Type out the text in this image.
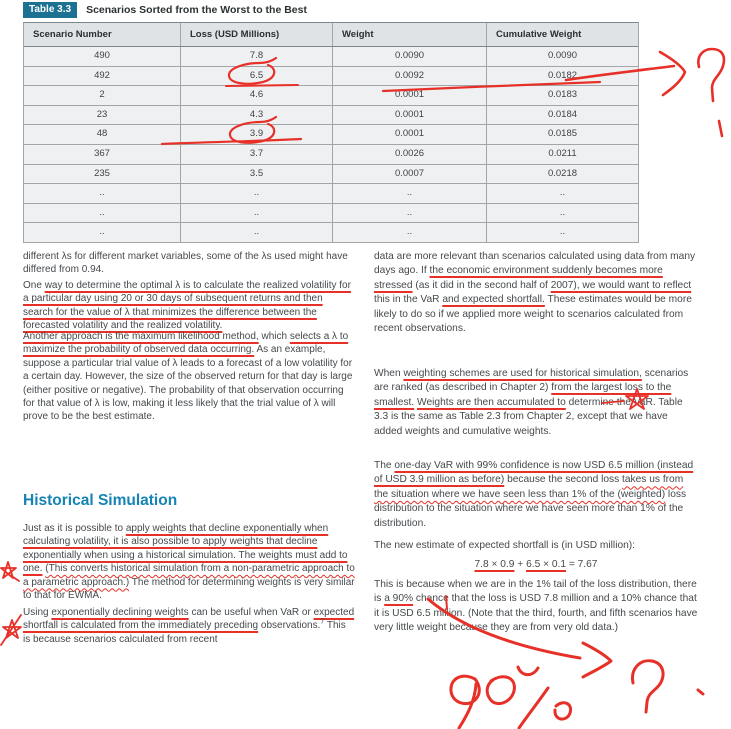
Table 3.3	Scenarios Sorted from the Worst to the Best
Scenario Number	Loss (USD Millions)	Weight	Cumulative Weight
490	7.8	0.0090	0.0090
492	6.5	0.0092	0.0182
2	4.6	0.0001	0.0183
23	4.3	0.0001	0.0184
48	3.9	0.0001	0.0185
367	3.7	0.0026	0.0211
235	3.5	0.0007	0.0218
..	..	..	..
..	..	..	..
..	..	..	..
different λs for different market variables, some of the λs used might have differed from 0.94.
One way to determine the optimal λ is to calculate the realized volatility for a particular day using 20 or 30 days of subsequent returns and then search for the value of λ that minimizes the difference between the forecasted volatility and the realized volatility.
Another approach is the maximum likelihood method, which selects a λ to maximize the probability of observed data occurring. As an example, suppose a particular trial value of λ leads to a forecast of a low volatility for a certain day. However, the size of the observed return for that day is large (either positive or negative). The probability of that observation occurring for that value of λ is low, making it less likely that the trial value of λ will prove to be the best estimate.
Historical Simulation
Just as it is possible to apply weights that decline exponentially when calculating volatility, it is also possible to apply weights that decline exponentially when using a historical simulation. The weights must add to one. (This converts historical simulation from a non-parametric approach to a parametric approach.) The method for determining weights is very similar to that for EWMA.
Using exponentially declining weights can be useful when VaR or expected shortfall is calculated from the immediately preceding observations.$^7$ This is because scenarios calculated from recent
data are more relevant than scenarios calculated using data from many days ago. If the economic environment suddenly becomes more stressed (as it did in the second half of 2007), we would want to reflect this in the VaR and expected shortfall. These estimates would be more likely to do so if we applied more weight to scenarios calculated from recent observations.
When weighting schemes are used for historical simulation, scenarios are ranked (as described in Chapter 2) from the largest loss to the smallest. Weights are then accumulated to determine the VaR. Table 3.3 is the same as Table 2.3 from Chapter 2, except that we have added weights and cumulative weights.
The one-day VaR with 99% confidence is now USD 6.5 million (instead of USD 3.9 million as before) because the second loss takes us from the situation where we have seen less than 1% of the (weighted) loss distribution to the situation where we have seen more than 1% of the distribution.
The new estimate of expected shortfall is (in USD million):
7.8 × 0.9 + 6.5 × 0.1 = 7.67
This is because when we are in the 1% tail of the loss distribution, there is a 90% chance that the loss is USD 7.8 million and a 10% chance that it is USD 6.5 million. (Note that the third, fourth, and fifth scenarios have very little weight because they are from very old data.)
